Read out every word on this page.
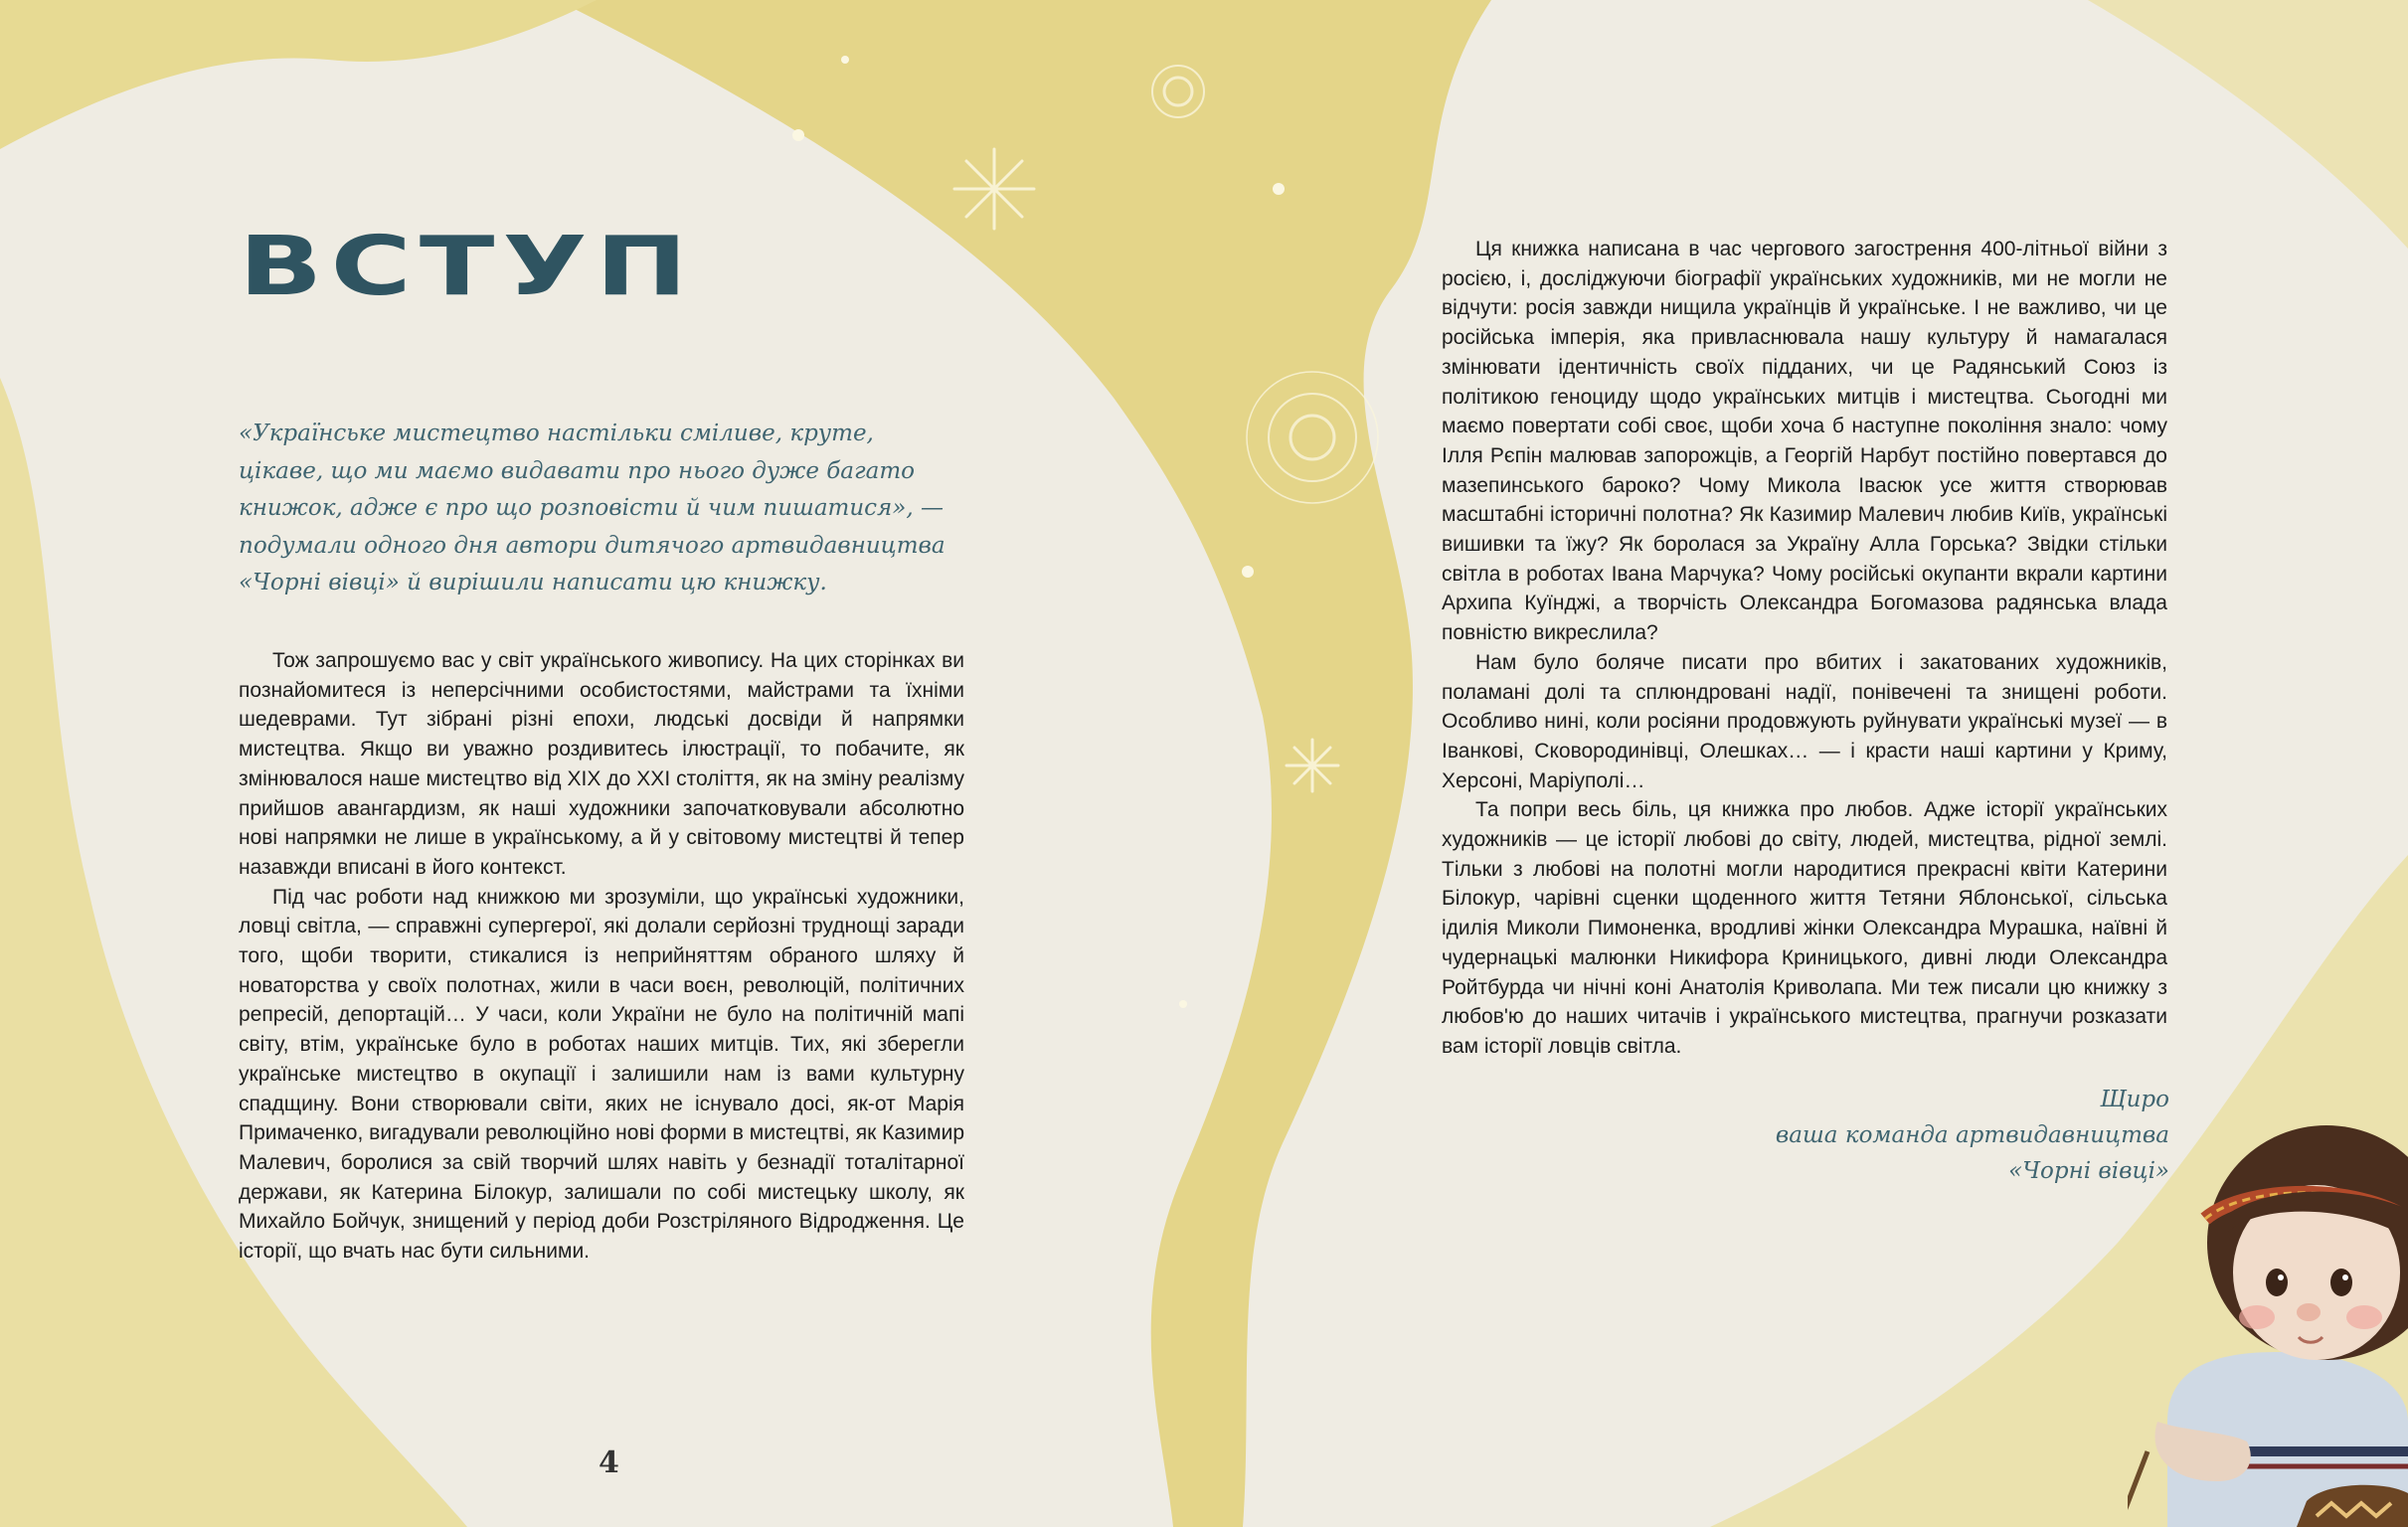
ВСТУП
«Українське мистецтво настільки сміливе, круте, цікаве, що ми маємо видавати про нього дуже багато книжок, адже є про що розповісти й чим пишатися», — подумали одного дня автори дитячого артвидавництва «Чорні вівці» й вирішили написати цю книжку.

Тож запрошуємо вас у світ українського живопису. На цих сторінках ви познайомитеся із неперсічними особистостями, майстрами та їхніми шедеврами. Тут зібрані різні епохи, людські досвіди й напрямки мистецтва. Якщо ви уважно роздивитесь ілюстрації, то побачите, як змінювалося наше мистецтво від XIX до XXI століття, як на зміну реалізму прийшов авангардизм, як наші художники започатковували абсолютно нові напрямки не лише в українському, а й у світовому мистецтві й тепер назавжди вписані в його контекст.

Під час роботи над книжкою ми зрозуміли, що українські художники, ловці світла, — справжні супергерої, які долали серйозні труднощі заради того, щоби творити, стикалися із неприйняттям обраного шляху й новаторства у своїх полотнах, жили в часи воєн, революцій, політичних репресій, депортацій… У часи, коли України не було на політичній мапі світу, втім, українське було в роботах наших митців. Тих, які зберегли українське мистецтво в окупації і залишили нам із вами культурну спадщину. Вони створювали світи, яких не існувало досі, як-от Марія Примаченко, вигадували революційно нові форми в мистецтві, як Казимир Малевич, боролися за свій творчий шлях навіть у безнадії тоталітарної держави, як Катерина Білокур, залишали по собі мистецьку школу, як Михайло Бойчук, знищений у період доби Розстріляного Відродження. Це історії, що вчать нас бути сильними.

Ця книжка написана в час чергового загострення 400-літньої війни з росією, і, досліджуючи біографії українських художників, ми не могли не відчути: росія завжди нищила українців й українське. І не важливо, чи це російська імперія, яка привласнювала нашу культуру й намагалася змінювати ідентичність своїх підданих, чи це Радянський Союз із політикою геноциду щодо українських митців і мистецтва. Сьогодні ми маємо повертати собі своє, щоби хоча б наступне покоління знало: чому Ілля Рєпін малював запорожців, а Георгій Нарбут постійно повертався до мазепинського бароко? Чому Микола Івасюк усе життя створював масштабні історичні полотна? Як Казимир Малевич любив Київ, українські вишивки та їжу? Як боролася за Україну Алла Горська? Звідки стільки світла в роботах Івана Марчука? Чому російські окупанти вкрали картини Архипа Куїнджі, а творчість Олександра Богомазова радянська влада повністю викреслила?

Нам було боляче писати про вбитих і закатованих художників, поламані долі та сплюндровані надії, понівечені та знищені роботи. Особливо нині, коли росіяни продовжують руйнувати українські музеї — в Іванкові, Сковородинівці, Олешках… — і красти наші картини у Криму, Херсоні, Маріуполі…

Та попри весь біль, ця книжка про любов. Адже історії українських художників — це історії любові до світу, людей, мистецтва, рідної землі. Тільки з любові на полотні могли народитися прекрасні квіти Катерини Білокур, чарівні сценки щоденного життя Тетяни Яблонської, сільська ідилія Миколи Пимоненка, вродливі жінки Олександра Мурашка, наївні й чудернацькі малюнки Никифора Криницького, дивні люди Олександра Ройтбурда чи нічні коні Анатолія Криволапа. Ми теж писали цю книжку з любов'ю до наших читачів і українського мистецтва, прагнучи розказати вам історії ловців світла.

Щиро
ваша команда артвидавництва
«Чорні вівці»
4
